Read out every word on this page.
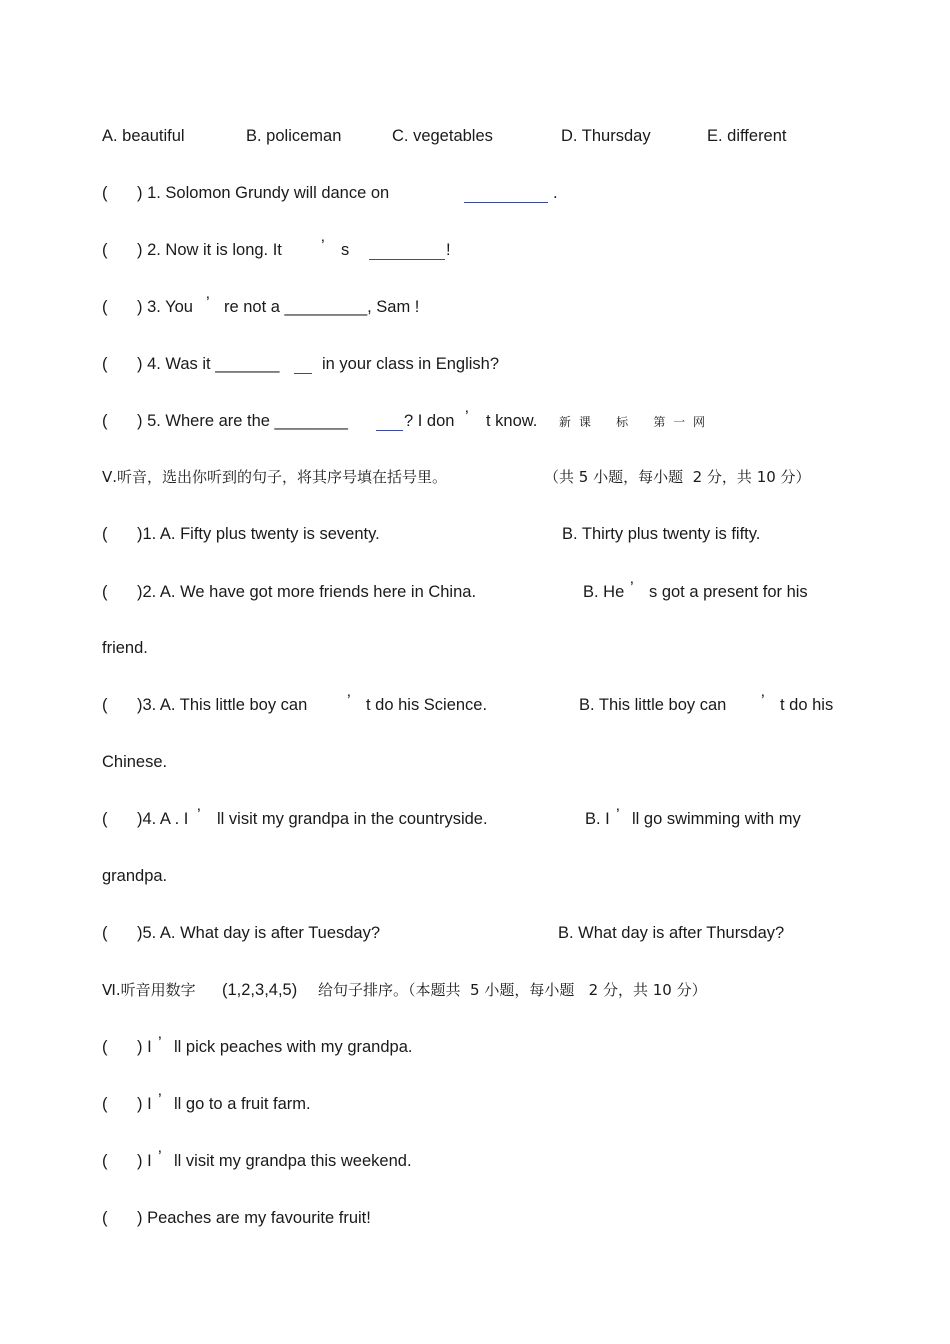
A. beautiful	B. policeman	C. vegetables	D. Thursday	E. different
( ) 1. Solomon Grundy will dance on	.
( ) 2. Now it is long. It ’ s	!
( ) 3. You ’ re not a _________, Sam !
( ) 4. Was it _______	in your class in English?
( ) 5. Where are the ________	? I don ’ t know. 新 课    标    第 一 网
Ⅴ.听音，选出你听到的句子，将其序号填在括号里。	（共 5 小题，每小题  2 分，共 10 分）
( )1. A. Fifty plus twenty is seventy.	B. Thirty plus twenty is fifty.
( )2. A. We have got more friends here in China.	B. He ’ s got a present for his
friend.
( )3. A. This little boy can ’ t do his Science.	B. This little boy can ’ t do his
Chinese.
( )4. A . I ’ ll visit my grandpa in the countryside.	B. I ’ ll go swimming with my
grandpa.
( )5. A. What day is after Tuesday?	B. What day is after Thursday?
Ⅵ.听音用数字 (1,2,3,4,5) 给句子排序。（本题共  5 小题，每小题   2 分，共 10 分）
( ) I ’ ll pick peaches with my grandpa.
( ) I ’ ll go to a fruit farm.
( ) I ’ ll visit my grandpa this weekend.
( ) Peaches are my favourite fruit!
